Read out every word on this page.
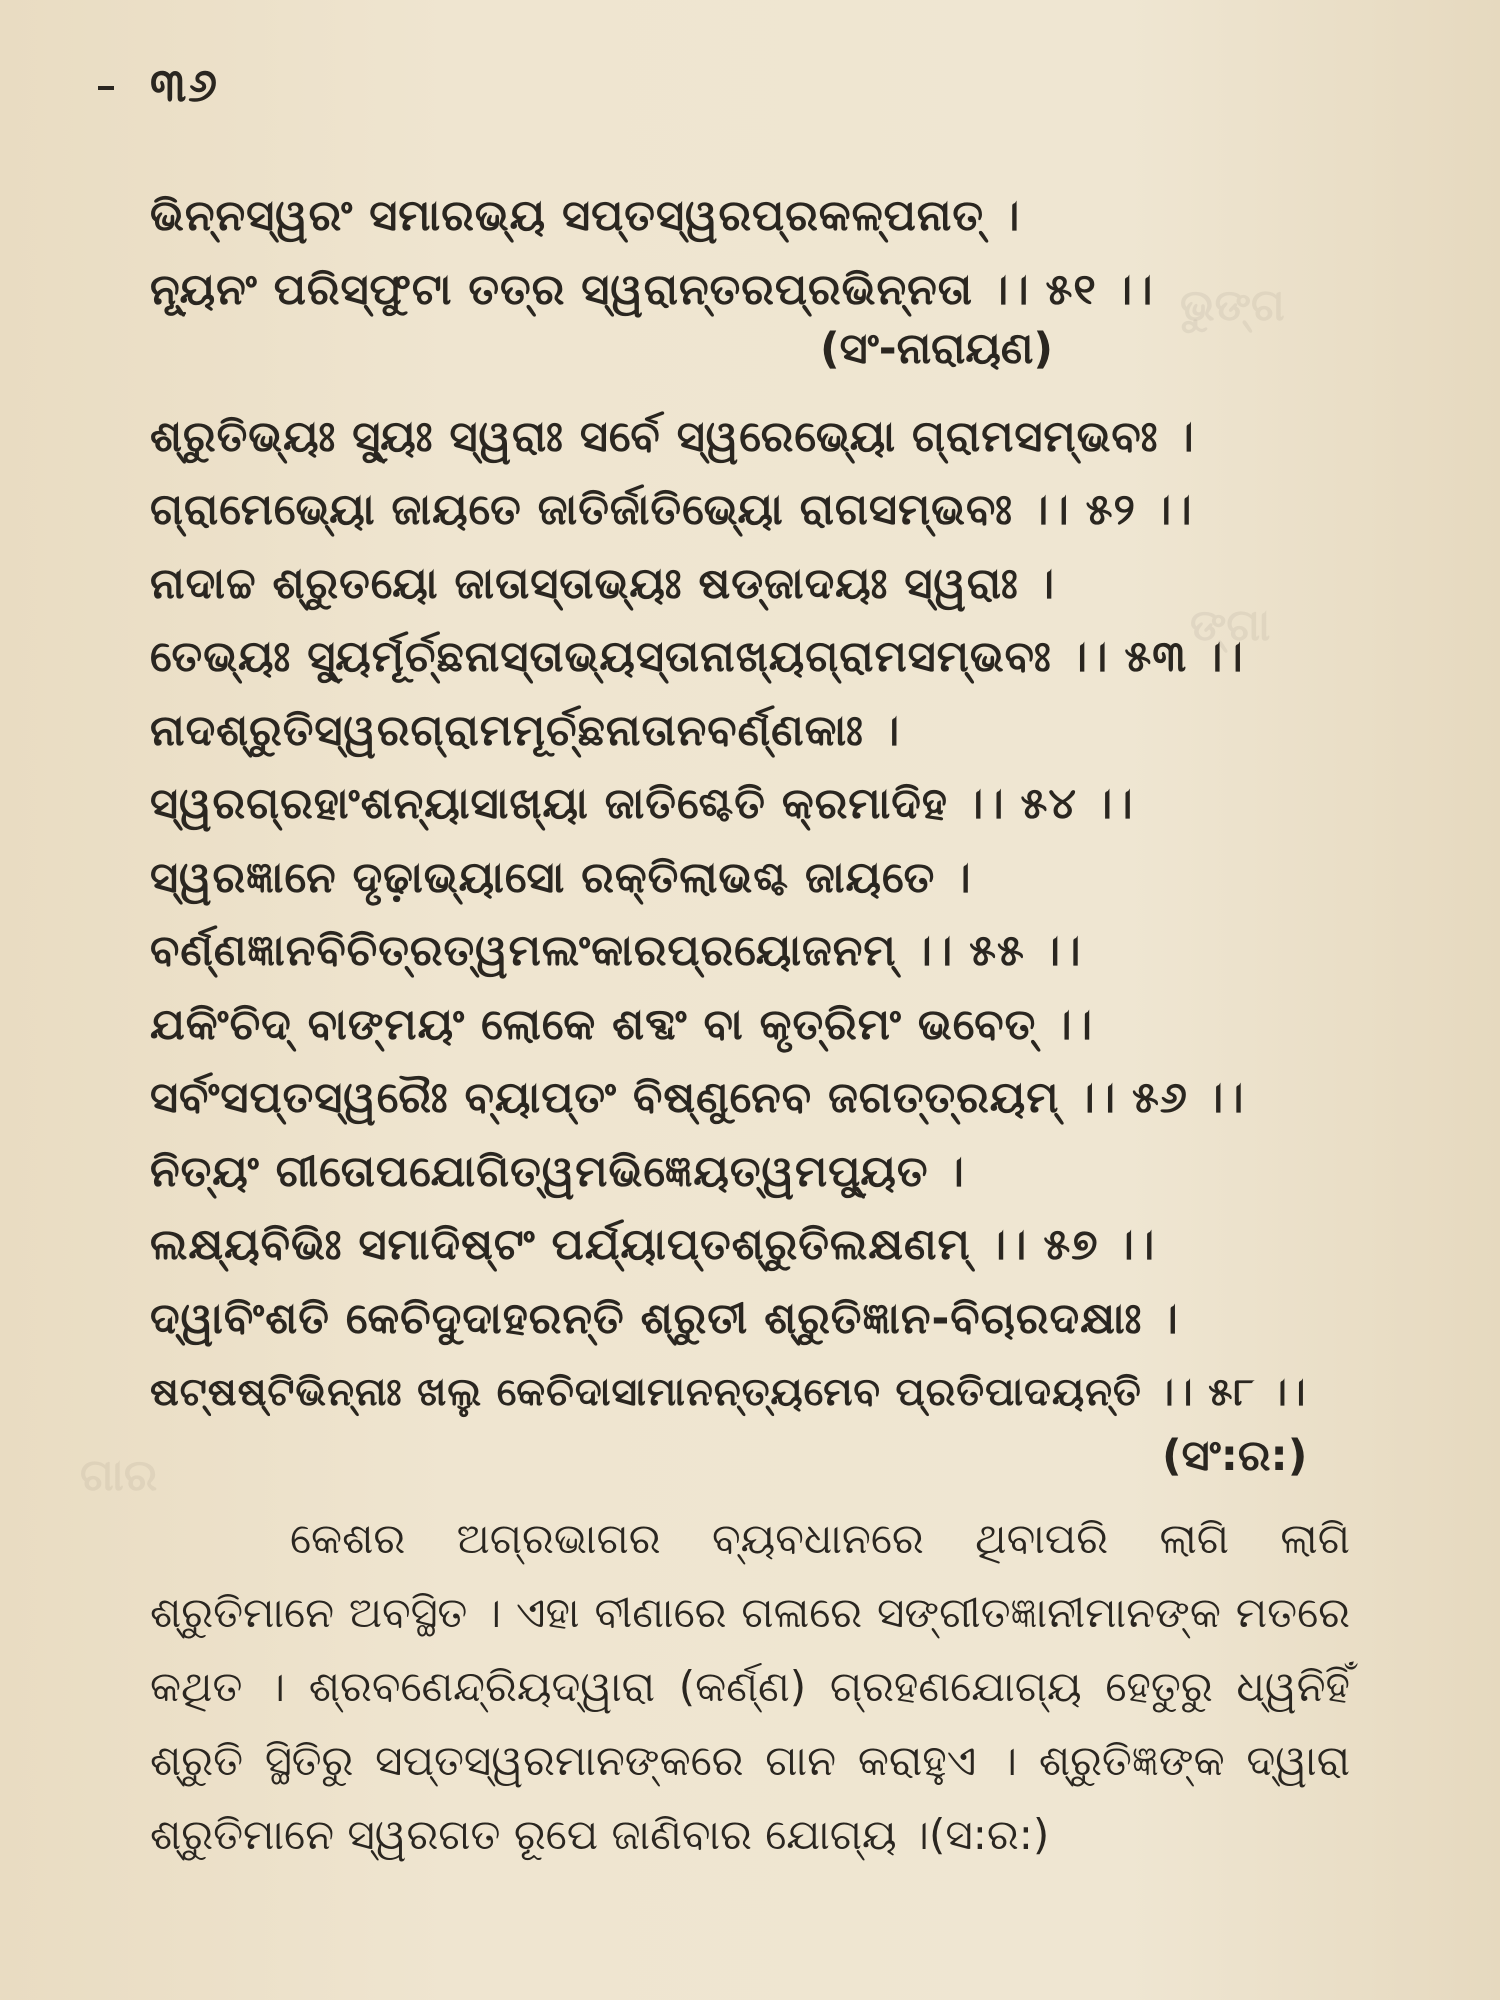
ଭୁଙ୍ଗ
ଙ୍ଗା
ଗାର
୩୬
ଭିନ୍ନସ୍ୱରଂ ସମାରଭ୍ୟ ସପ୍ତସ୍ୱରପ୍ରକଳ୍ପନାତ୍ ।
ନ୍ୟୂନଂ ପରିସ୍ଫୁଟା ତତ୍ର ସ୍ୱରାନ୍ତରପ୍ରଭିନ୍ନତା ।। ୫୧ ।।
ଶ୍ରୁତିଭ୍ୟଃ ସ୍ୟୁଃ ସ୍ୱରାଃ ସର୍ବେ ସ୍ୱରେଭ୍ୟୋ ଗ୍ରାମସମ୍ଭବଃ ।
ଗ୍ରାମେଭ୍ୟୋ ଜାୟତେ ଜାତିର୍ଜାତିଭ୍ୟୋ ରାଗସମ୍ଭବଃ ।। ୫୨ ।।
ନାଦାଚ୍ଚ ଶ୍ରୁତୟୋ ଜାତାସ୍ତାଭ୍ୟଃ ଷଡ୍‌ଜାଦୟଃ ସ୍ୱରାଃ ।
ତେଭ୍ୟଃ ସ୍ୟୁର୍ମୂର୍ଚ୍ଛନାସ୍ତାଭ୍ୟସ୍ତାନାଖ୍ୟଗ୍ରାମସମ୍ଭବଃ ।। ୫୩ ।।
ନାଦଶ୍ରୁତିସ୍ୱରଗ୍ରାମମୂର୍ଚ୍ଛନାତାନବର୍ଣ୍ଣକାଃ ।
ସ୍ୱରଗ୍ରହାଂଶନ୍ୟାସାଖ୍ୟା ଜାତିଶ୍ଚେତି କ୍ରମାଦିହ ।। ୫୪ ।।
ସ୍ୱରଜ୍ଞାନେ ଦୃଢ଼ାଭ୍ୟାସୋ ରକ୍ତିଲାଭଶ୍ଚ ଜାୟତେ ।
ବର୍ଣ୍ଣଜ୍ଞାନବିଚିତ୍ରତ୍ୱମଲଂକାରପ୍ରୟୋଜନମ୍ ।। ୫୫ ।।
ଯକିଂଚିଦ୍ ବାଙ୍ମୟଂ ଲୋକେ ଶବ୍ଦଂ ବା କୃତ୍ରିମଂ ଭବେତ୍ ।।
ସର୍ବଂସପ୍ତସ୍ୱରୈଃ ବ୍ୟାପ୍ତଂ ବିଷ୍ଣୁନେବ ଜଗତ୍‌ତ୍ରୟମ୍ ।। ୫୬ ।।
ନିତ୍ୟଂ ଗୀତୋପଯୋଗିତ୍ୱମଭିଜ୍ଞେୟତ୍ୱମପ୍ୟୁତ ।
ଲକ୍ଷ୍ୟବିଭିଃ ସମାଦିଷ୍ଟଂ ପର୍ଯ୍ୟାପ୍ତଶ୍ରୁତିଲକ୍ଷଣମ୍ ।। ୫୭ ।।
ଦ୍ୱାବିଂଶତି କେଚିଦୁଦାହରନ୍ତି ଶ୍ରୁତୀ ଶ୍ରୁତିଜ୍ଞାନ-ବିଚାରଦକ୍ଷାଃ ।
ଷଟ୍‌ଷଷ୍ଟିଭିନ୍ନାଃ ଖଲୁ କେଚିଦାସାମାନନ୍ତ୍ୟମେବ ପ୍ରତିପାଦୟନ୍ତି ।। ୫୮ ।।
(ସଂ-ନାରାୟଣ)
(ସଂ:ର:)

କେଶର ଅଗ୍ରଭାଗର ବ୍ୟବଧାନରେ ଥିବାପରି ଲାଗି ଲାଗି ଶ୍ରୁତିମାନେ ଅବସ୍ଥିତ । ଏହା ବୀଣାରେ ଗଳାରେ ସଙ୍ଗୀତଜ୍ଞାନୀମାନଙ୍କ ମତରେ କଥିତ । ଶ୍ରବଣେନ୍ଦ୍ରିୟଦ୍ୱାରା (କର୍ଣ୍ଣ) ଗ୍ରହଣଯୋଗ୍ୟ ହେତୁରୁ ଧ୍ୱନିହିଁ ଶ୍ରୁତି ସ୍ଥିତିରୁ ସପ୍ତସ୍ୱରମାନଙ୍କରେ ଗାନ କରାହୁଏ । ଶ୍ରୁତିଜ୍ଞଙ୍କ ଦ୍ୱାରା ଶ୍ରୁତିମାନେ ସ୍ୱରଗତ ରୂପେ ଜାଣିବାର ଯୋଗ୍ୟ ।(ସ:ର:)
